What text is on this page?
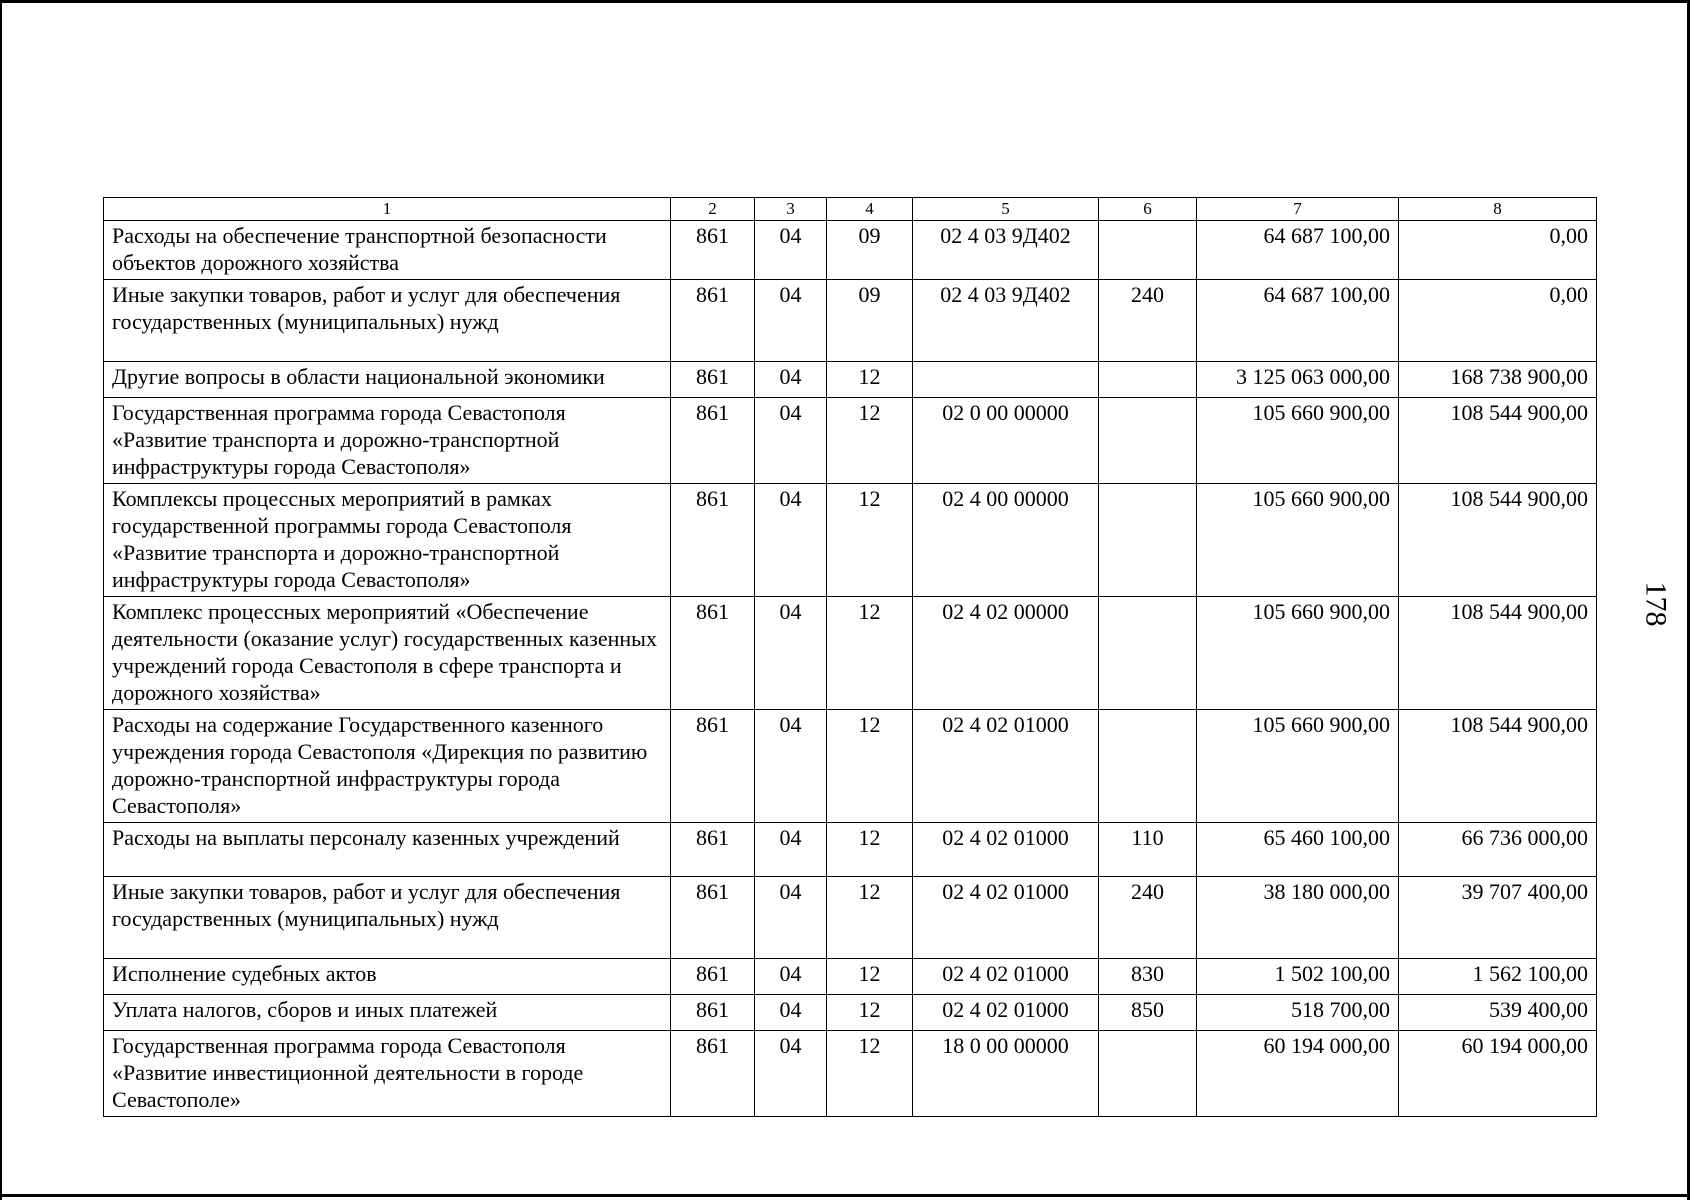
1	2	3	4	5	6	7	8
Расходы на обеспечение транспортной безопасности объектов дорожного хозяйства	861	04	09	02 4 03 9Д402		64 687 100,00	0,00
Иные закупки товаров, работ и услуг для обеспечения государственных (муниципальных) нужд	861	04	09	02 4 03 9Д402	240	64 687 100,00	0,00
Другие вопросы в области национальной экономики	861	04	12			3 125 063 000,00	168 738 900,00
Государственная программа города Севастополя «Развитие транспорта и дорожно-транспортной инфраструктуры города Севастополя»	861	04	12	02 0 00 00000		105 660 900,00	108 544 900,00
Комплексы процессных мероприятий в рамках государственной программы города Севастополя «Развитие транспорта и дорожно-транспортной инфраструктуры города Севастополя»	861	04	12	02 4 00 00000		105 660 900,00	108 544 900,00
Комплекс процессных мероприятий «Обеспечение деятельности (оказание услуг) государственных казенных учреждений города Севастополя в сфере транспорта и дорожного хозяйства»	861	04	12	02 4 02 00000		105 660 900,00	108 544 900,00
Расходы на содержание Государственного казенного учреждения города Севастополя «Дирекция по развитию дорожно-транспортной инфраструктуры города Севастополя»	861	04	12	02 4 02 01000		105 660 900,00	108 544 900,00
Расходы на выплаты персоналу казенных учреждений	861	04	12	02 4 02 01000	110	65 460 100,00	66 736 000,00
Иные закупки товаров, работ и услуг для обеспечения государственных (муниципальных) нужд	861	04	12	02 4 02 01000	240	38 180 000,00	39 707 400,00
Исполнение судебных актов	861	04	12	02 4 02 01000	830	1 502 100,00	1 562 100,00
Уплата налогов, сборов и иных платежей	861	04	12	02 4 02 01000	850	518 700,00	539 400,00
Государственная программа города Севастополя «Развитие инвестиционной деятельности в городе Севастополе»	861	04	12	18 0 00 00000		60 194 000,00	60 194 000,00
178
